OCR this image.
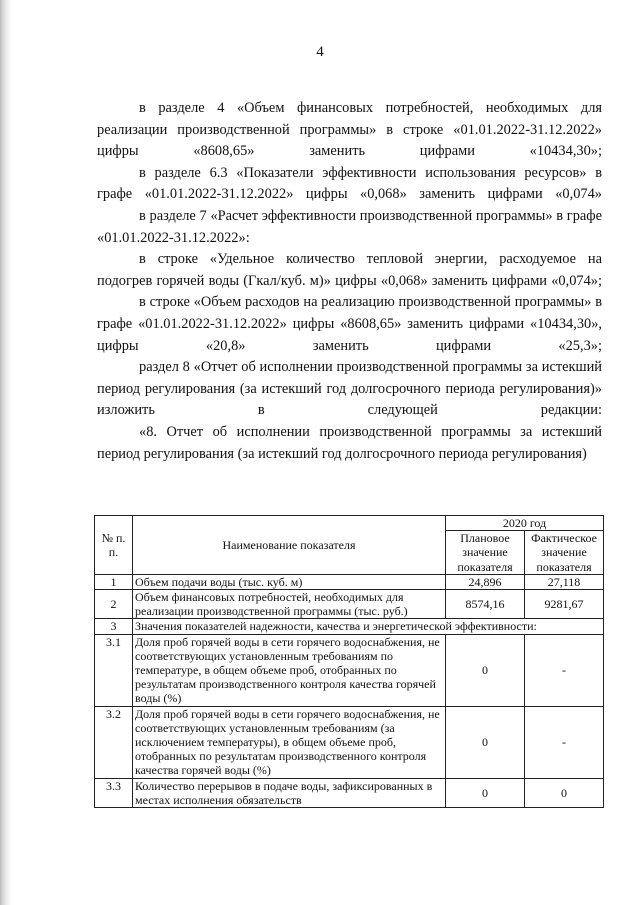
4

в разделе 4 «Объем финансовых потребностей, необходимых для реализации производственной программы» в строке «01.01.2022-31.12.2022» цифры «8608,65» заменить цифрами «10434,30»;

в разделе 6.3 «Показатели эффективности использования ресурсов» в графе «01.01.2022-31.12.2022» цифры «0,068» заменить цифрами «0,074»

в разделе 7 «Расчет эффективности производственной программы» в графе «01.01.2022-31.12.2022»:

в строке «Удельное количество тепловой энергии, расходуемое на подогрев горячей воды (Гкал/куб. м)» цифры «0,068» заменить цифрами «0,074»;

в строке «Объем расходов на реализацию производственной программы» в графе «01.01.2022-31.12.2022» цифры «8608,65» заменить цифрами «10434,30», цифры «20,8» заменить цифрами «25,3»;

раздел 8 «Отчет об исполнении производственной программы за истекший период регулирования (за истекший год долгосрочного периода регулирования)» изложить в следующей редакции:

«8. Отчет об исполнении производственной программы за истекший период регулирования (за истекший год долгосрочного периода регулирования)

№ п. п.	Наименование показателя	2020 год	
		Плановое значение показателя	Фактическое значение показателя
1	Объем подачи воды (тыс. куб. м)	24,896	27,118
2	Объем финансовых потребностей, необходимых для реализации производственной программы (тыс. руб.)	8574,16	9281,67
3	Значения показателей надежности, качества и энергетической эффективности:		
3.1	Доля проб горячей воды в сети горячего водоснабжения, не соответствующих установленным требованиям по температуре, в общем объеме проб, отобранных по результатам производственного контроля качества горячей воды (%)	0	-
3.2	Доля проб горячей воды в сети горячего водоснабжения, не соответствующих установленным требованиям (за исключением температуры), в общем объеме проб, отобранных по результатам производственного контроля качества горячей воды (%)	0	-
3.3	Количество перерывов в подаче воды, зафиксированных в местах исполнения обязательств	0	0
